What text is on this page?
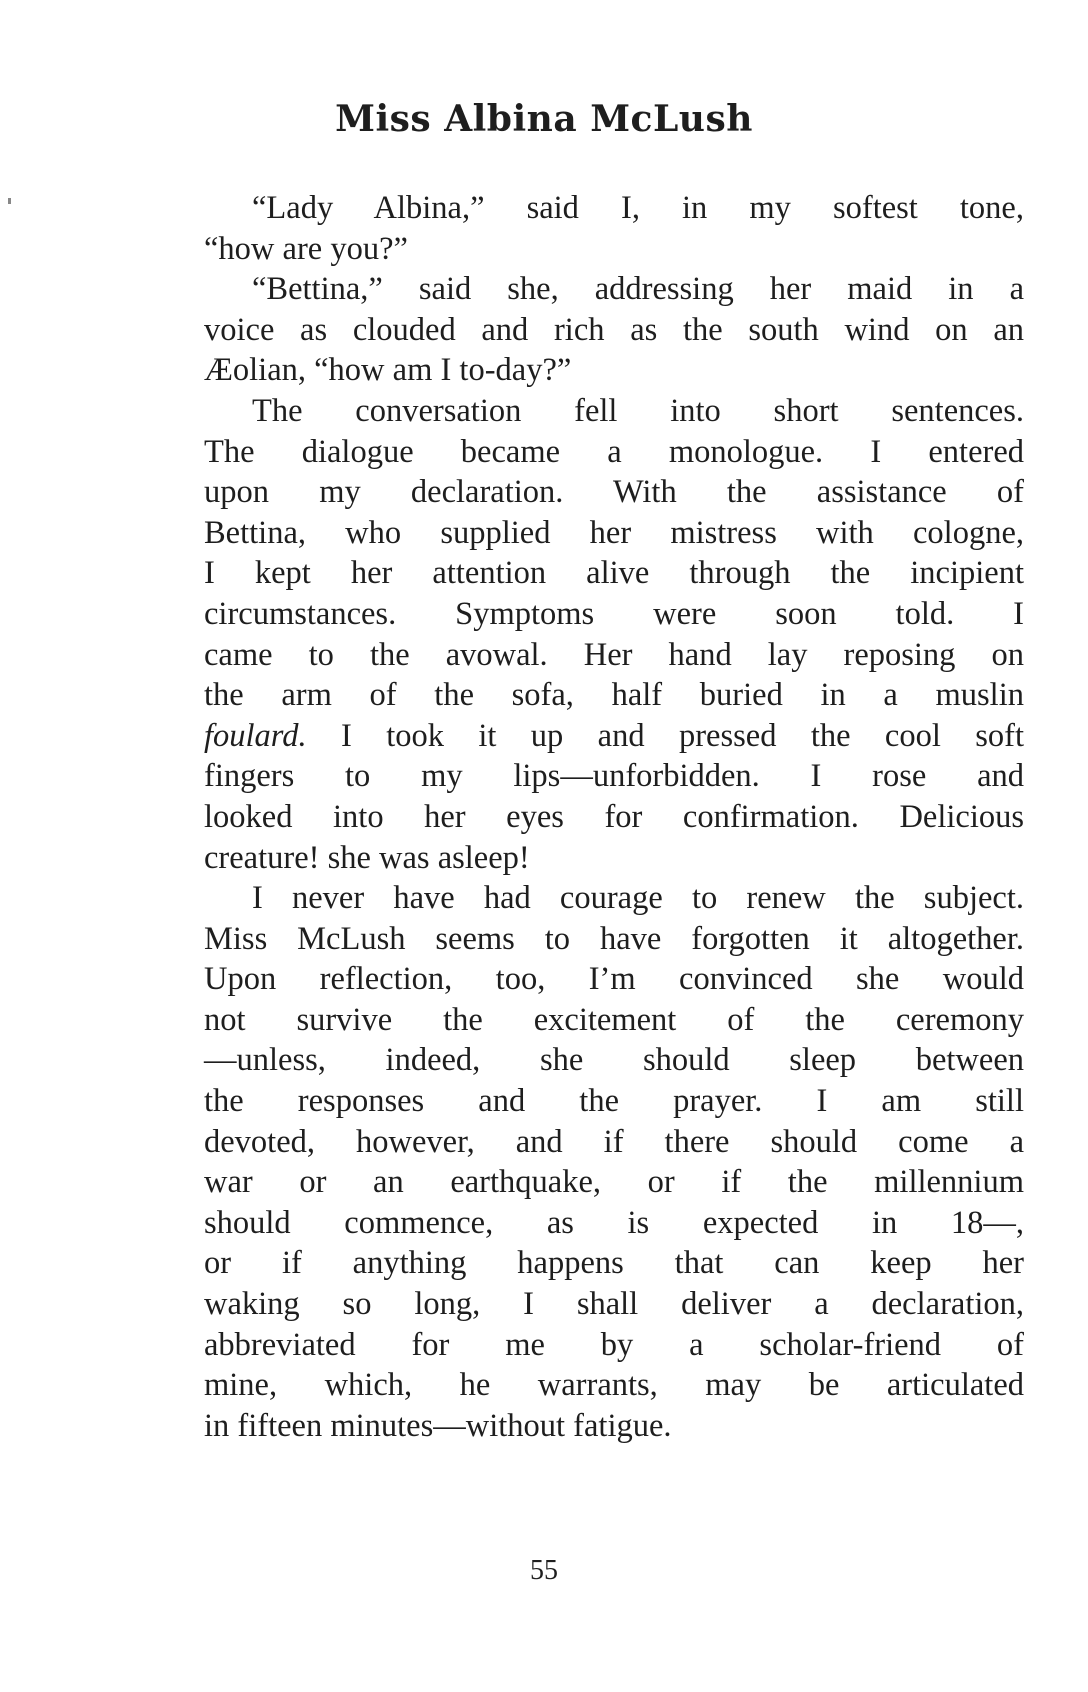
Miss Albina McLush
“Lady Albina,” said I, in my softest tone,
“how are you?”
“Bettina,” said she, addressing her maid in a
voice as clouded and rich as the south wind on an
Æolian, “how am I to-day?”
The conversation fell into short sentences.
The dialogue became a monologue. I entered
upon my declaration. With the assistance of
Bettina, who supplied her mistress with cologne,
I kept her attention alive through the incipient
circumstances. Symptoms were soon told. I
came to the avowal. Her hand lay reposing on
the arm of the sofa, half buried in a muslin
foulard. I took it up and pressed the cool soft
fingers to my lips—unforbidden. I rose and
looked into her eyes for confirmation. Delicious
creature! she was asleep!
I never have had courage to renew the subject.
Miss McLush seems to have forgotten it altogether.
Upon reflection, too, I’m convinced she would
not survive the excitement of the ceremony
—unless, indeed, she should sleep between
the responses and the prayer. I am still
devoted, however, and if there should come a
war or an earthquake, or if the millennium
should commence, as is expected in 18—,
or if anything happens that can keep her
waking so long, I shall deliver a declaration,
abbreviated for me by a scholar-friend of
mine, which, he warrants, may be articulated
in fifteen minutes—without fatigue.
55
